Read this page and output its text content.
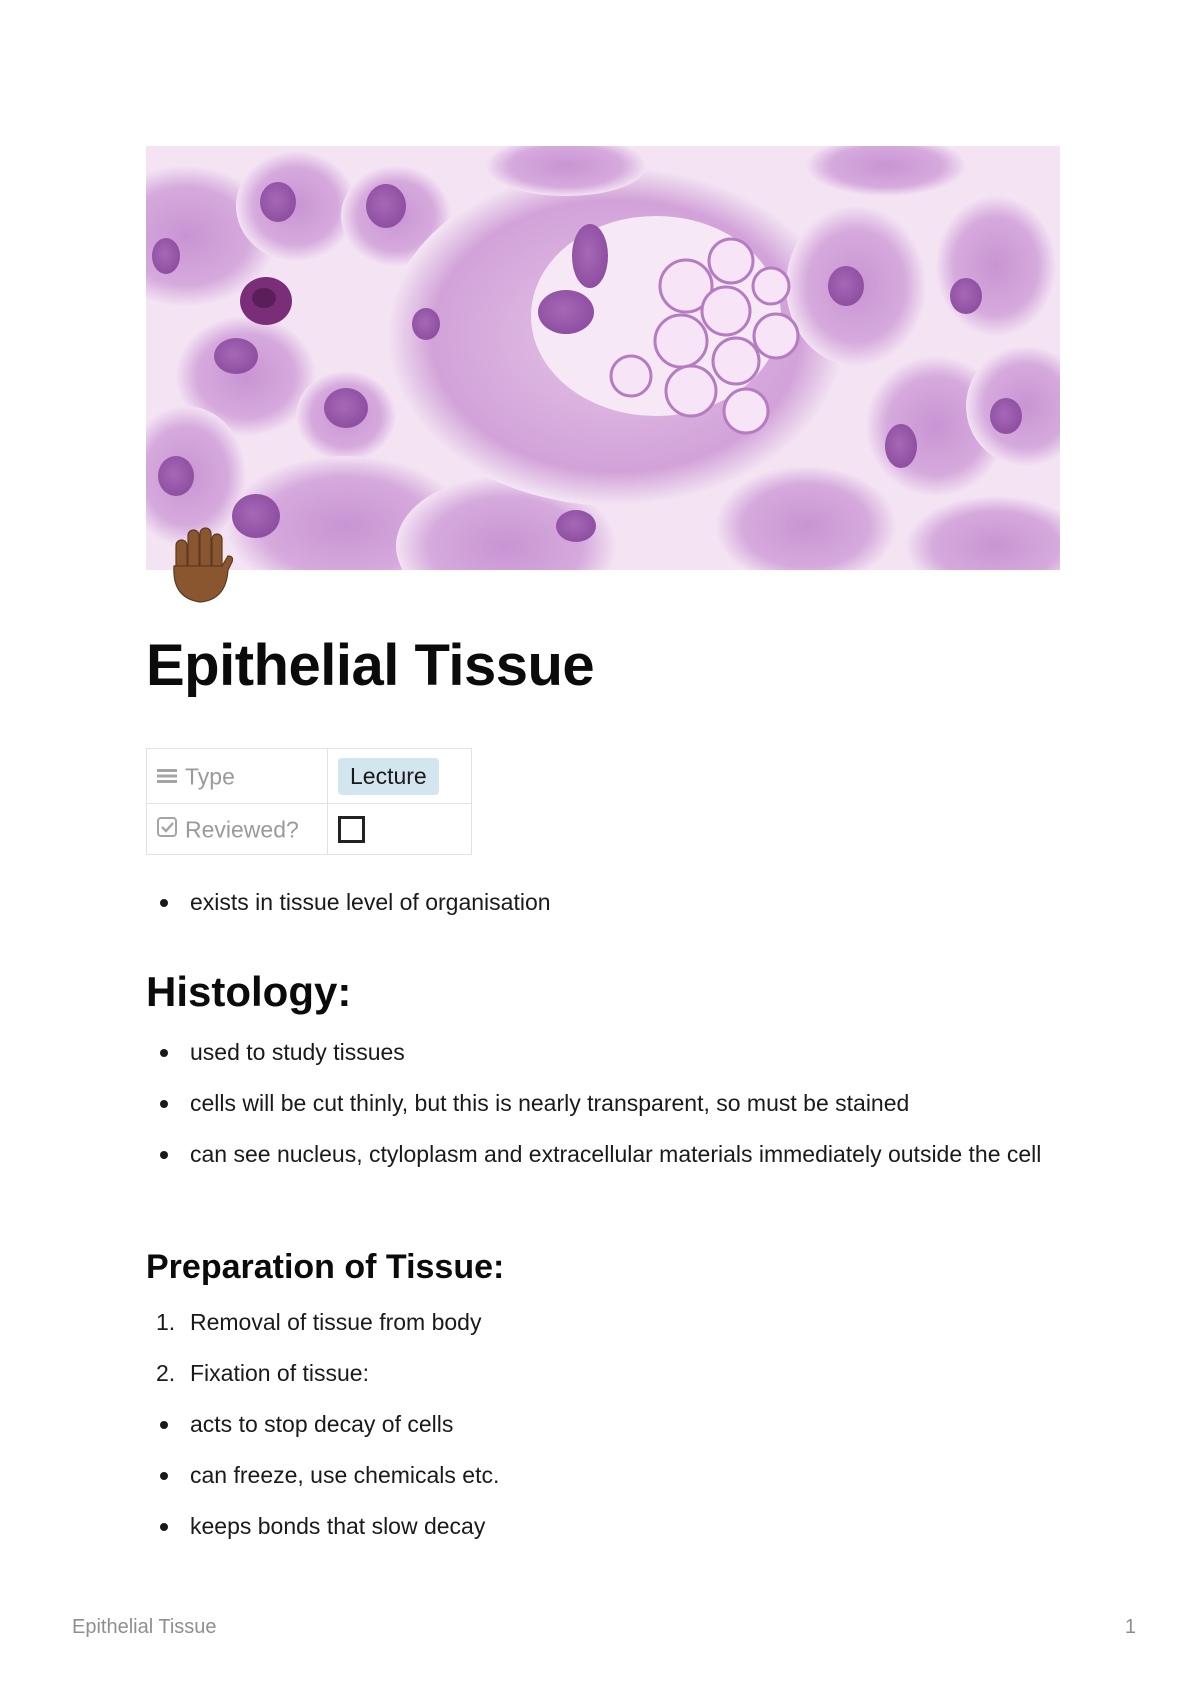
Epithelial Tissue
Type	Lecture
Reviewed?	
exists in tissue level of organisation
Histology:
used to study tissues
cells will be cut thinly, but this is nearly transparent, so must be stained
can see nucleus, ctyloplasm and extracellular materials immediately outside the cell
Preparation of Tissue:
1. Removal of tissue from body
2. Fixation of tissue:
acts to stop decay of cells
can freeze, use chemicals etc.
keeps bonds that slow decay
Epithelial Tissue	1
